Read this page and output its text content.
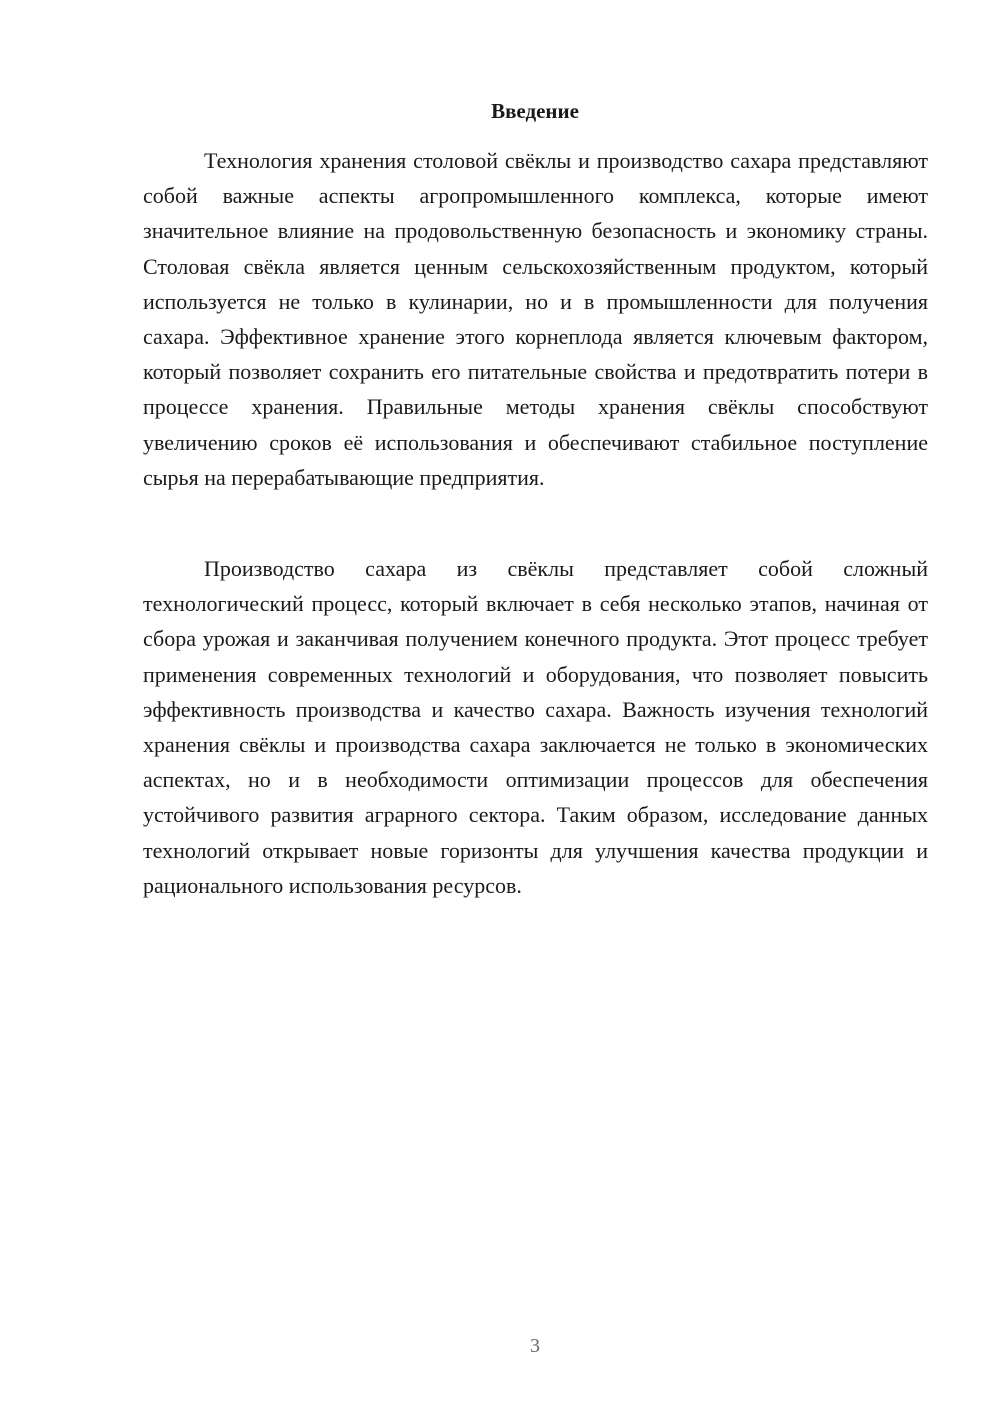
Введение

Технология хранения столовой свёклы и производство сахара представляют собой важные аспекты агропромышленного комплекса, которые имеют значительное влияние на продовольственную безопасность и экономику страны. Столовая свёкла является ценным сельскохозяйственным продуктом, который используется не только в кулинарии, но и в промышленности для получения сахара. Эффективное хранение этого корнеплода является ключевым фактором, который позволяет сохранить его питательные свойства и предотвратить потери в процессе хранения. Правильные методы хранения свёклы способствуют увеличению сроков её использования и обеспечивают стабильное поступление сырья на перерабатывающие предприятия.

Производство сахара из свёклы представляет собой сложный технологический процесс, который включает в себя несколько этапов, начиная от сбора урожая и заканчивая получением конечного продукта. Этот процесс требует применения современных технологий и оборудования, что позволяет повысить эффективность производства и качество сахара. Важность изучения технологий хранения свёклы и производства сахара заключается не только в экономических аспектах, но и в необходимости оптимизации процессов для обеспечения устойчивого развития аграрного сектора. Таким образом, исследование данных технологий открывает новые горизонты для улучшения качества продукции и рационального использования ресурсов.

3
